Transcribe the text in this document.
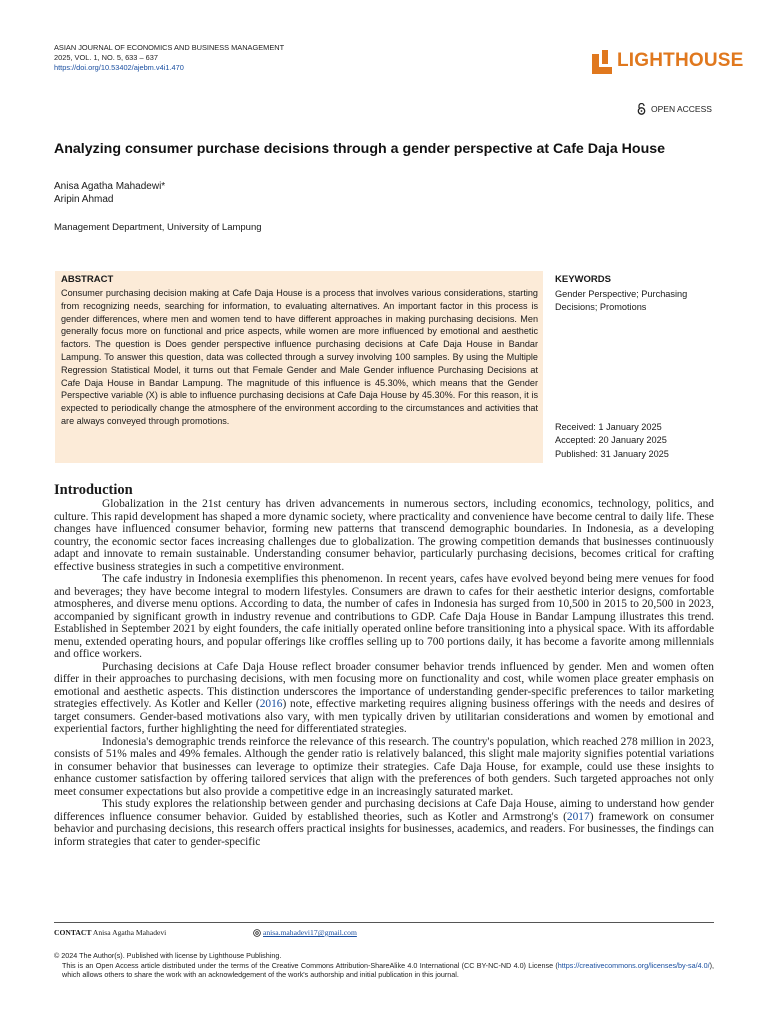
ASIAN JOURNAL OF ECONOMICS AND BUSINESS MANAGEMENT
2025, VOL. 1, NO. 5, 633 – 637
https://doi.org/10.53402/ajebm.v4i1.470	LIGHTHOUSE
OPEN ACCESS
Analyzing consumer purchase decisions through a gender perspective at Cafe Daja House
Anisa Agatha Mahadewi*
Aripin Ahmad
Management Department, University of Lampung
ABSTRACT
Consumer purchasing decision making at Cafe Daja House is a process that involves various considerations, starting from recognizing needs, searching for information, to evaluating alternatives. An important factor in this process is gender differences, where men and women tend to have different approaches in making purchasing decisions. Men generally focus more on functional and price aspects, while women are more influenced by emotional and aesthetic factors. The question is Does gender perspective influence purchasing decisions at Cafe Daja House in Bandar Lampung. To answer this question, data was collected through a survey involving 100 samples. By using the Multiple Regression Statistical Model, it turns out that Female Gender and Male Gender influence Purchasing Decisions at Cafe Daja House in Bandar Lampung. The magnitude of this influence is 45.30%, which means that the Gender Perspective variable (X) is able to influence purchasing decisions at Cafe Daja House by 45.30%. For this reason, it is expected to periodically change the atmosphere of the environment according to the circumstances and activities that are always conveyed through promotions.
KEYWORDS
Gender Perspective; Purchasing Decisions; Promotions
Received: 1 January 2025
Accepted: 20 January 2025
Published: 31 January 2025
Introduction

Globalization in the 21st century has driven advancements in numerous sectors, including economics, technology, politics, and culture. This rapid development has shaped a more dynamic society, where practicality and convenience have become central to daily life. These changes have influenced consumer behavior, forming new patterns that transcend demographic boundaries. In Indonesia, as a developing country, the economic sector faces increasing challenges due to globalization. The growing competition demands that businesses continuously adapt and innovate to remain sustainable. Understanding consumer behavior, particularly purchasing decisions, becomes critical for crafting effective business strategies in such a competitive environment.

The cafe industry in Indonesia exemplifies this phenomenon. In recent years, cafes have evolved beyond being mere venues for food and beverages; they have become integral to modern lifestyles. Consumers are drawn to cafes for their aesthetic interior designs, comfortable atmospheres, and diverse menu options. According to data, the number of cafes in Indonesia has surged from 10,500 in 2015 to 20,500 in 2023, accompanied by significant growth in industry revenue and contributions to GDP. Cafe Daja House in Bandar Lampung illustrates this trend. Established in September 2021 by eight founders, the cafe initially operated online before transitioning into a physical space. With its affordable menu, extended operating hours, and popular offerings like croffles selling up to 700 portions daily, it has become a favorite among millennials and office workers.

Purchasing decisions at Cafe Daja House reflect broader consumer behavior trends influenced by gender. Men and women often differ in their approaches to purchasing decisions, with men focusing more on functionality and cost, while women place greater emphasis on emotional and aesthetic aspects. This distinction underscores the importance of understanding gender-specific preferences to tailor marketing strategies effectively. As Kotler and Keller (2016) note, effective marketing requires aligning business offerings with the needs and desires of target consumers. Gender-based motivations also vary, with men typically driven by utilitarian considerations and women by emotional and experiential factors, further highlighting the need for differentiated strategies.

Indonesia's demographic trends reinforce the relevance of this research. The country's population, which reached 278 million in 2023, consists of 51% males and 49% females. Although the gender ratio is relatively balanced, this slight male majority signifies potential variations in consumer behavior that businesses can leverage to optimize their strategies. Cafe Daja House, for example, could use these insights to enhance customer satisfaction by offering tailored services that align with the preferences of both genders. Such targeted approaches not only meet consumer expectations but also provide a competitive edge in an increasingly saturated market.

This study explores the relationship between gender and purchasing decisions at Cafe Daja House, aiming to understand how gender differences influence consumer behavior. Guided by established theories, such as Kotler and Armstrong's (2017) framework on consumer behavior and purchasing decisions, this research offers practical insights for businesses, academics, and readers. For businesses, the findings can inform strategies that cater to gender-specific

CONTACT Anisa Agatha Mahadevi	anisa.mahadevi17@gmail.com
© 2024 The Author(s). Published with license by Lighthouse Publishing.
This is an Open Access article distributed under the terms of the Creative Commons Attribution-ShareAlike 4.0 International (CC BY-NC-ND 4.0) License (https://creativecommons.org/licenses/by-sa/4.0/), which allows others to share the work with an acknowledgement of the work's authorship and initial publication in this journal.
